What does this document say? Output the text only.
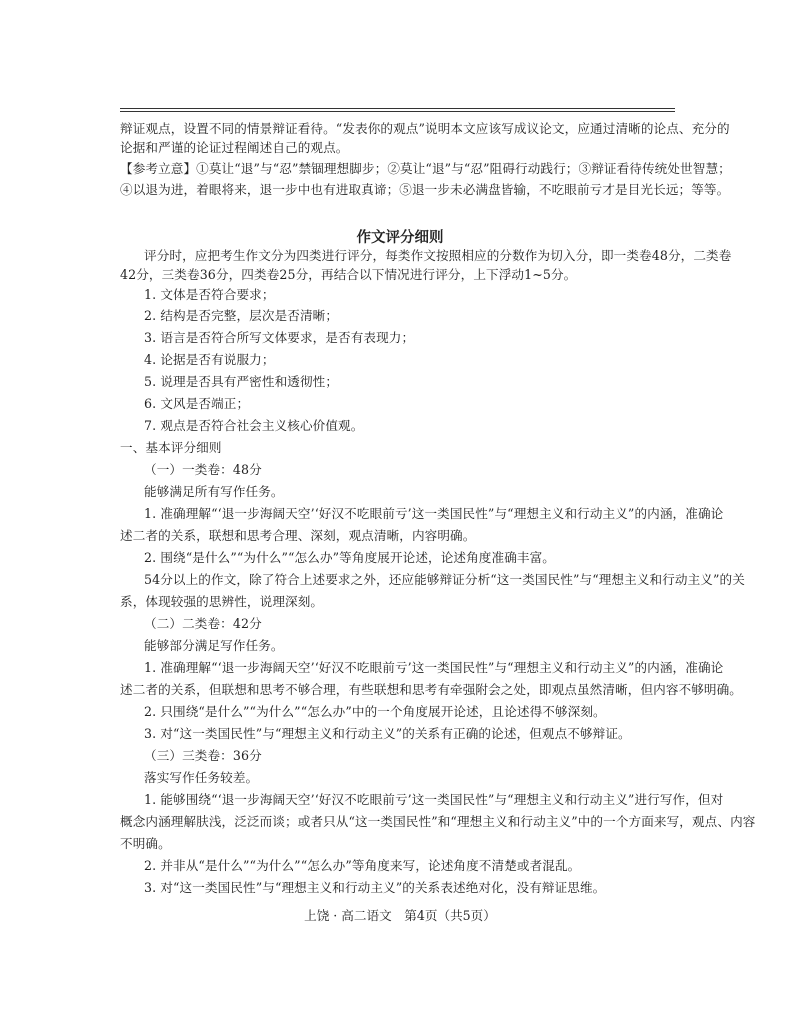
辩证观点，设置不同的情景辩证看待。“发表你的观点”说明本文应该写成议论文，应通过清晰的论点、充分的
论据和严谨的论证过程阐述自己的观点。
【参考立意】①莫让“退”与“忍”禁锢理想脚步；②莫让“退”与“忍”阻碍行动践行；③辩证看待传统处世智慧；
④以退为进，着眼将来，退一步中也有进取真谛；⑤退一步未必满盘皆输，不吃眼前亏才是目光长远；等等。
作文评分细则
评分时，应把考生作文分为四类进行评分，每类作文按照相应的分数作为切入分，即一类卷48分，二类卷
42分，三类卷36分，四类卷25分，再结合以下情况进行评分，上下浮动1~5分。
1. 文体是否符合要求；
2. 结构是否完整，层次是否清晰；
3. 语言是否符合所写文体要求，是否有表现力；
4. 论据是否有说服力；
5. 说理是否具有严密性和透彻性；
6. 文风是否端正；
7. 观点是否符合社会主义核心价值观。
一、基本评分细则
（一）一类卷：48分
能够满足所有写作任务。
1. 准确理解“‘退一步海阔天空’‘好汉不吃眼前亏’这一类国民性”与“理想主义和行动主义”的内涵，准确论
述二者的关系，联想和思考合理、深刻，观点清晰，内容明确。
2. 围绕“是什么”“为什么”“怎么办”等角度展开论述，论述角度准确丰富。
54分以上的作文，除了符合上述要求之外，还应能够辩证分析“这一类国民性”与“理想主义和行动主义”的关
系，体现较强的思辨性，说理深刻。
（二）二类卷：42分
能够部分满足写作任务。
1. 准确理解“‘退一步海阔天空’‘好汉不吃眼前亏’这一类国民性”与“理想主义和行动主义”的内涵，准确论
述二者的关系，但联想和思考不够合理，有些联想和思考有牵强附会之处，即观点虽然清晰，但内容不够明确。
2. 只围绕“是什么”“为什么”“怎么办”中的一个角度展开论述，且论述得不够深刻。
3. 对“这一类国民性”与“理想主义和行动主义”的关系有正确的论述，但观点不够辩证。
（三）三类卷：36分
落实写作任务较差。
1. 能够围绕“‘退一步海阔天空’‘好汉不吃眼前亏’这一类国民性”与“理想主义和行动主义”进行写作，但对
概念内涵理解肤浅，泛泛而谈；或者只从“这一类国民性”和“理想主义和行动主义”中的一个方面来写，观点、内容
不明确。
2. 并非从“是什么”“为什么”“怎么办”等角度来写，论述角度不清楚或者混乱。
3. 对“这一类国民性”与“理想主义和行动主义”的关系表述绝对化，没有辩证思维。
上饶 · 高二语文　第4页（共5页）
